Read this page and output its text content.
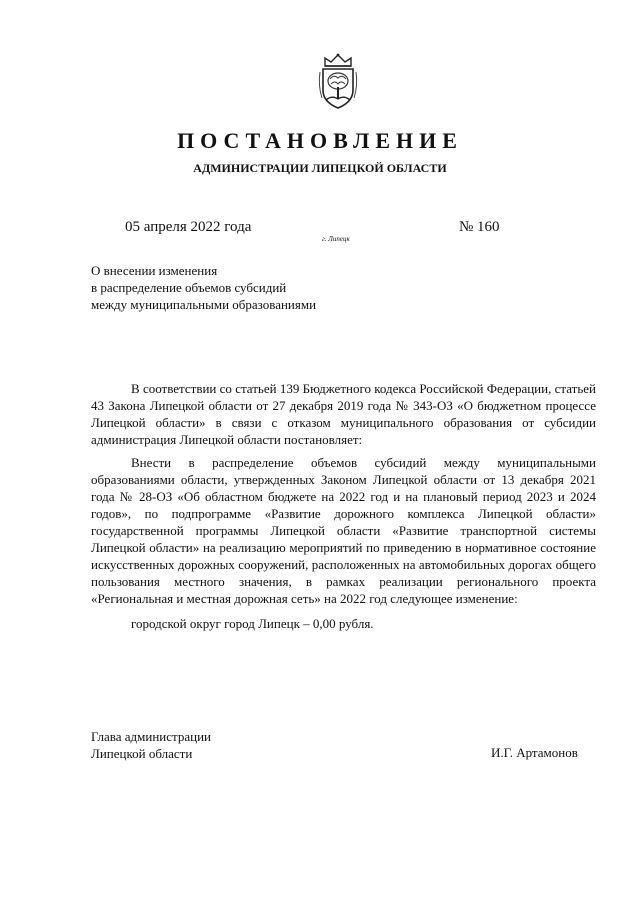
ПОСТАНОВЛЕНИЕ
АДМИНИСТРАЦИИ ЛИПЕЦКОЙ ОБЛАСТИ
05 апреля 2022 года
г. Липецк
№ 160
О внесении изменения
в распределение объемов субсидий
между муниципальными образованиями

В соответствии со статьей 139 Бюджетного кодекса Российской Федерации, статьей 43 Закона Липецкой области от 27 декабря 2019 года № 343-ОЗ «О бюджетном процессе Липецкой области» в связи с отказом муниципального образования от субсидии администрация Липецкой области постановляет:

Внести в распределение объемов субсидий между муниципальными образованиями области, утвержденных Законом Липецкой области от 13 декабря 2021 года № 28-ОЗ «Об областном бюджете на 2022 год и на плановый период 2023 и 2024 годов», по подпрограмме «Развитие дорожного комплекса Липецкой области» государственной программы Липецкой области «Развитие транспортной системы Липецкой области» на реализацию мероприятий по приведению в нормативное состояние искусственных дорожных сооружений, расположенных на автомобильных дорогах общего пользования местного значения, в рамках реализации регионального проекта «Региональная и местная дорожная сеть» на 2022 год следующее изменение:

городской округ город Липецк – 0,00 рубля.

Глава администрации
Липецкой области	И.Г. Артамонов
